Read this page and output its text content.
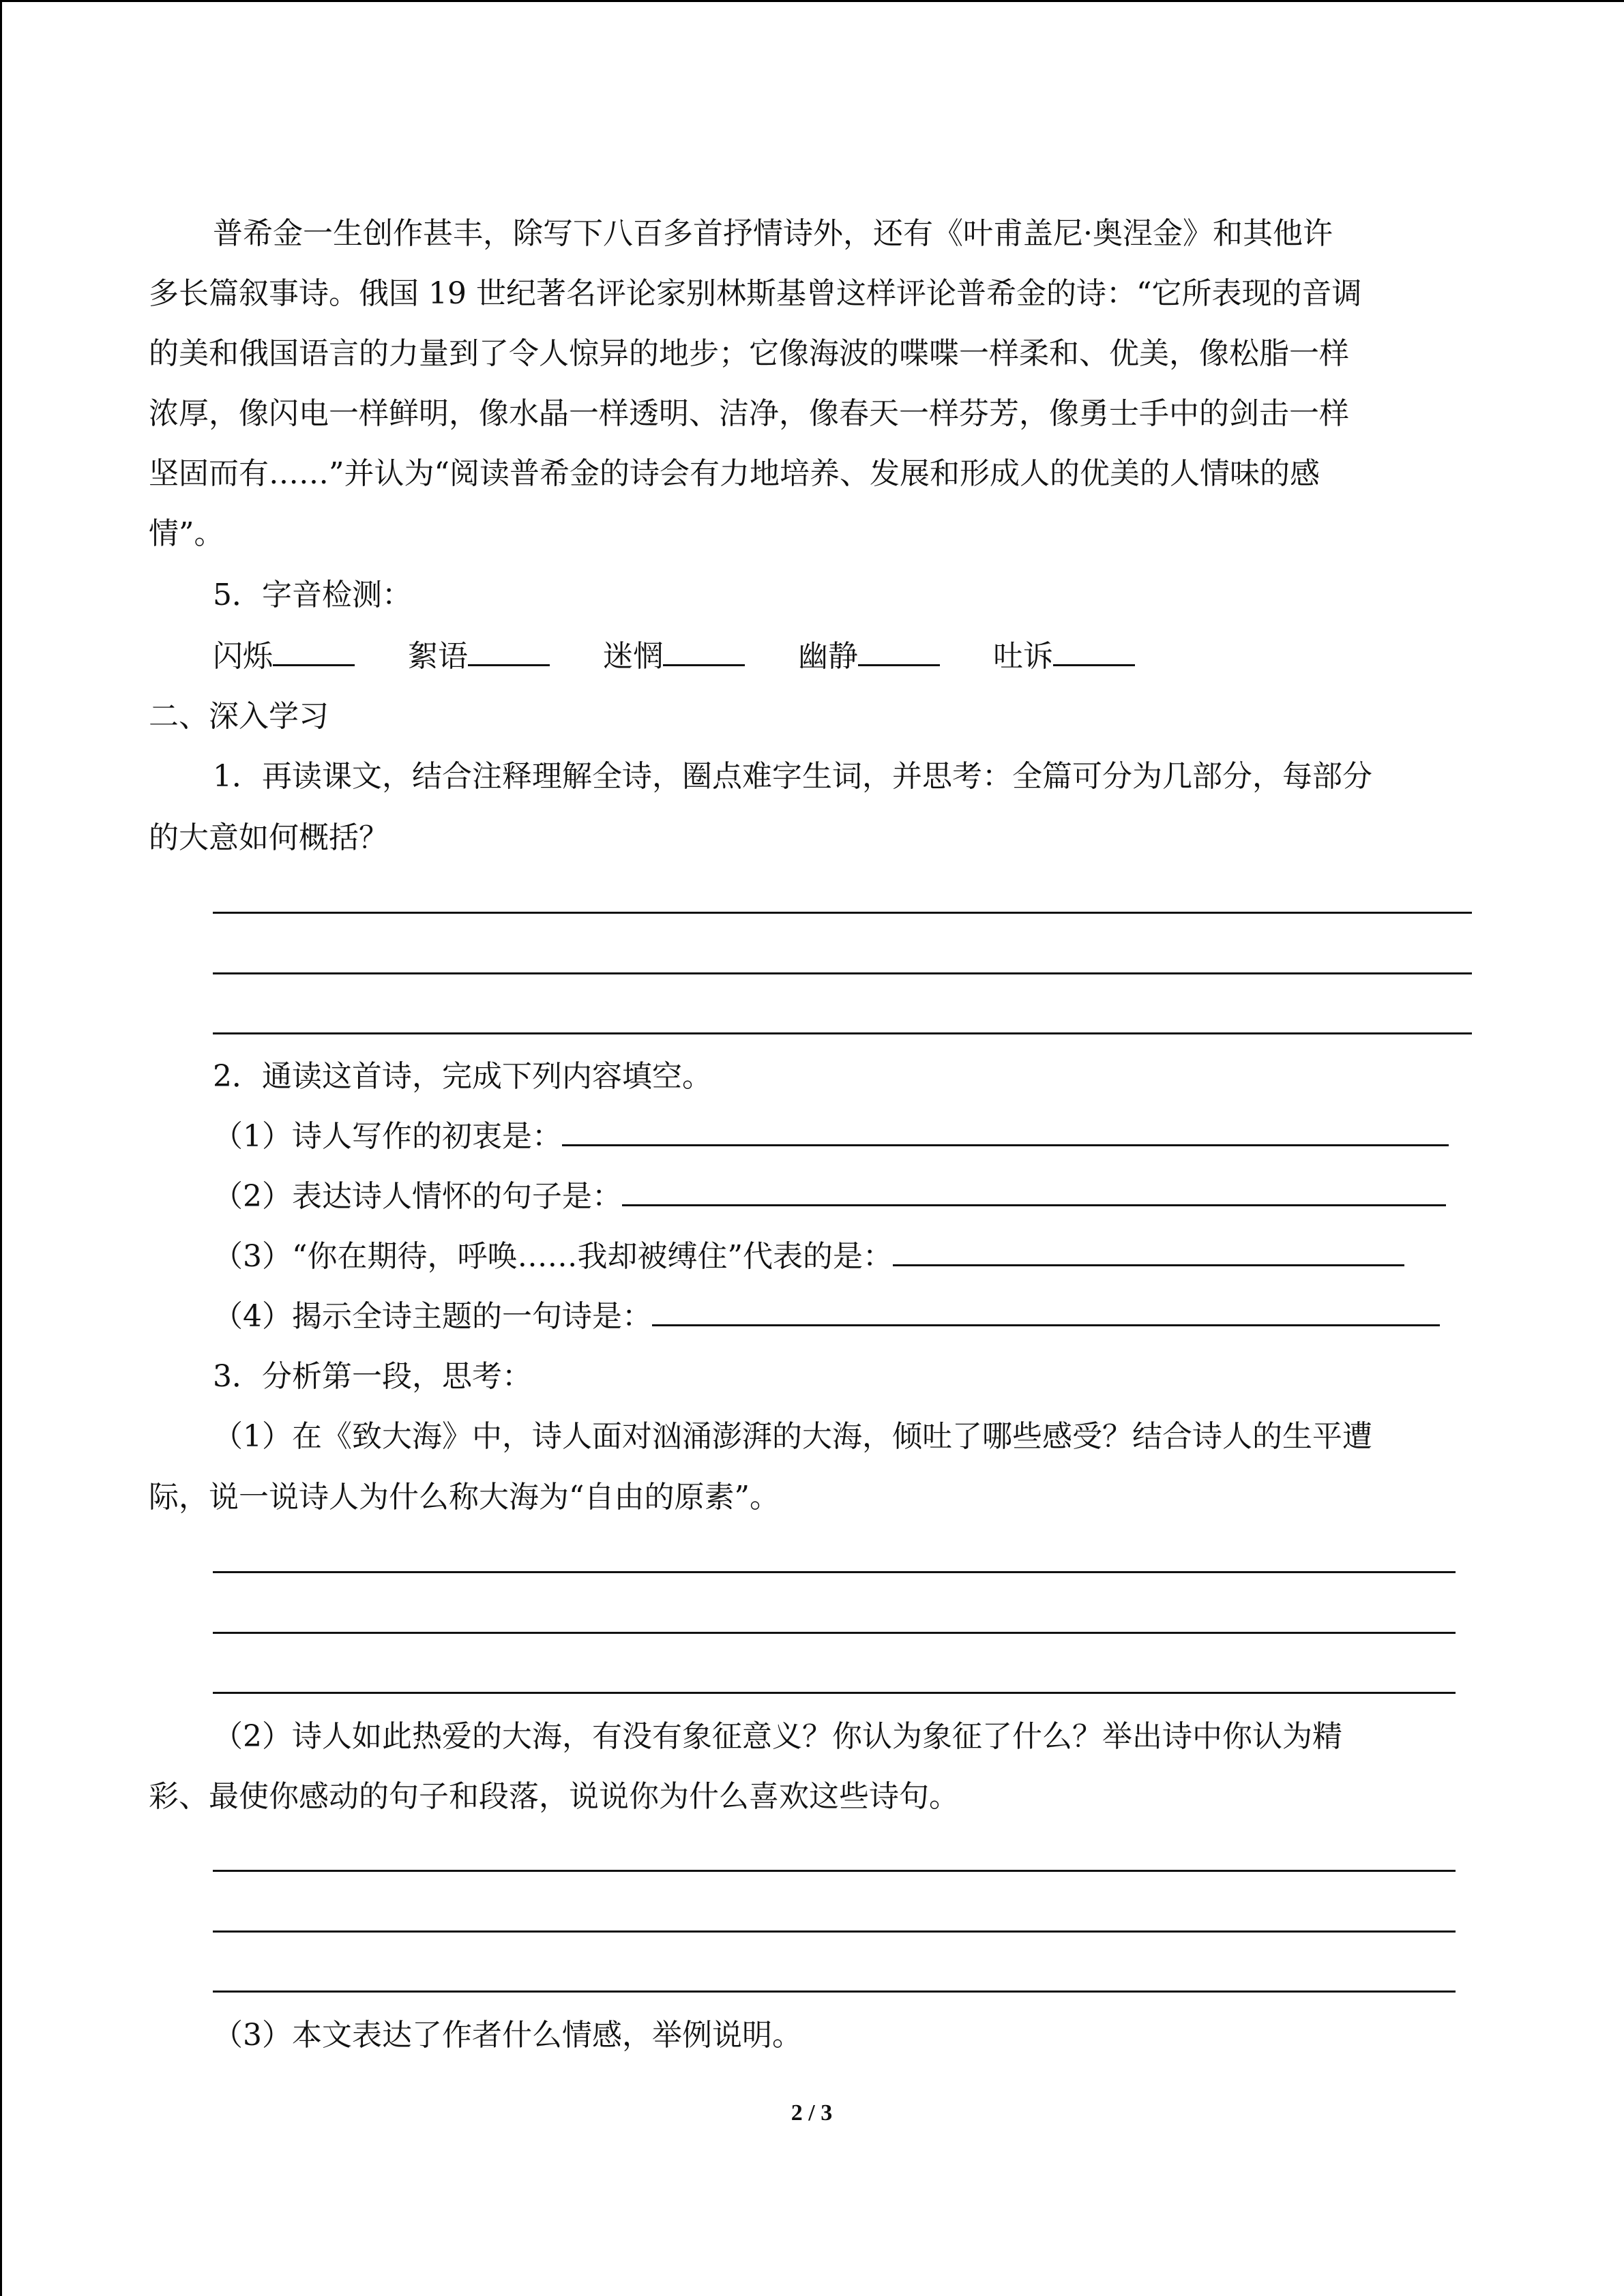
普希金一生创作甚丰，除写下八百多首抒情诗外，还有《叶甫盖尼·奥涅金》和其他许
多长篇叙事诗。俄国 19 世纪著名评论家别林斯基曾这样评论普希金的诗：“它所表现的音调
的美和俄国语言的力量到了令人惊异的地步；它像海波的喋喋一样柔和、优美，像松脂一样
浓厚，像闪电一样鲜明，像水晶一样透明、洁净，像春天一样芬芳，像勇士手中的剑击一样
坚固而有……”并认为“阅读普希金的诗会有力地培养、发展和形成人的优美的人情味的感
情”。
5．字音检测：
闪烁	絮语	迷惘	幽静	吐诉
二、深入学习
1．再读课文，结合注释理解全诗，圈点难字生词，并思考：全篇可分为几部分，每部分
的大意如何概括？
2．通读这首诗，完成下列内容填空。
（1）诗人写作的初衷是：
（2）表达诗人情怀的句子是：
（3）“你在期待，呼唤……我却被缚住”代表的是：
（4）揭示全诗主题的一句诗是：
3．分析第一段，思考：
（1）在《致大海》中，诗人面对汹涌澎湃的大海，倾吐了哪些感受？结合诗人的生平遭
际，说一说诗人为什么称大海为“自由的原素”。
（2）诗人如此热爱的大海，有没有象征意义？你认为象征了什么？举出诗中你认为精
彩、最使你感动的句子和段落，说说你为什么喜欢这些诗句。
（3）本文表达了作者什么情感，举例说明。
2 / 3
